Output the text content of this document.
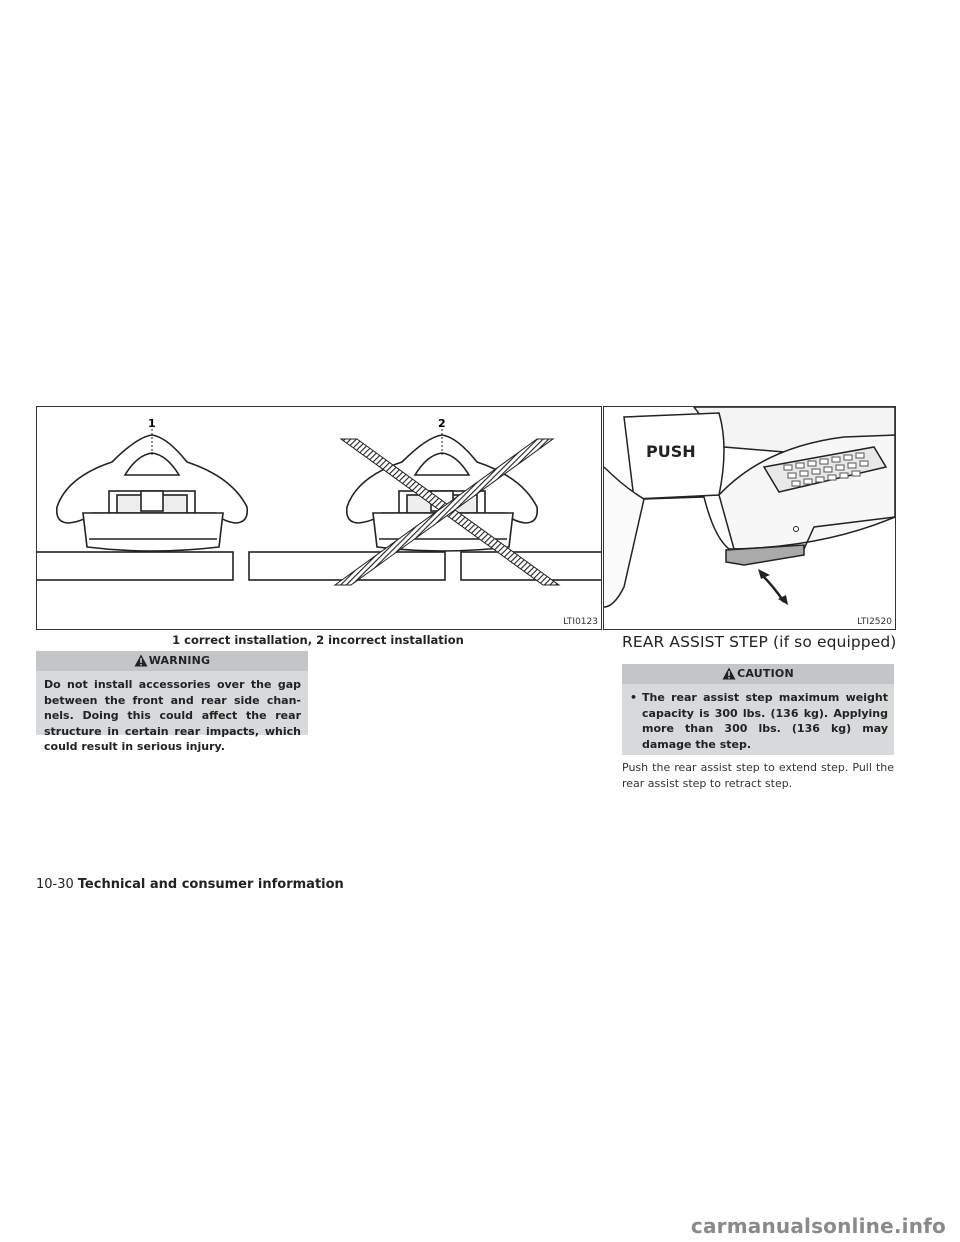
1	2
LTI0123
PUSH
LTI2520
1 correct installation, 2 incorrect installation
WARNING
Do not install accessories over the gap between the front and rear side chan-nels. Doing this could affect the rear structure in certain rear impacts, which could result in serious injury.
REAR ASSIST STEP (if so equipped)
CAUTION
• The rear assist step maximum weight capacity is 300 lbs. (136 kg). Applying more than 300 lbs. (136 kg) may damage the step.
Push the rear assist step to extend step. Pull the rear assist step to retract step.
10-30 Technical and consumer information
carmanualsonline.info
